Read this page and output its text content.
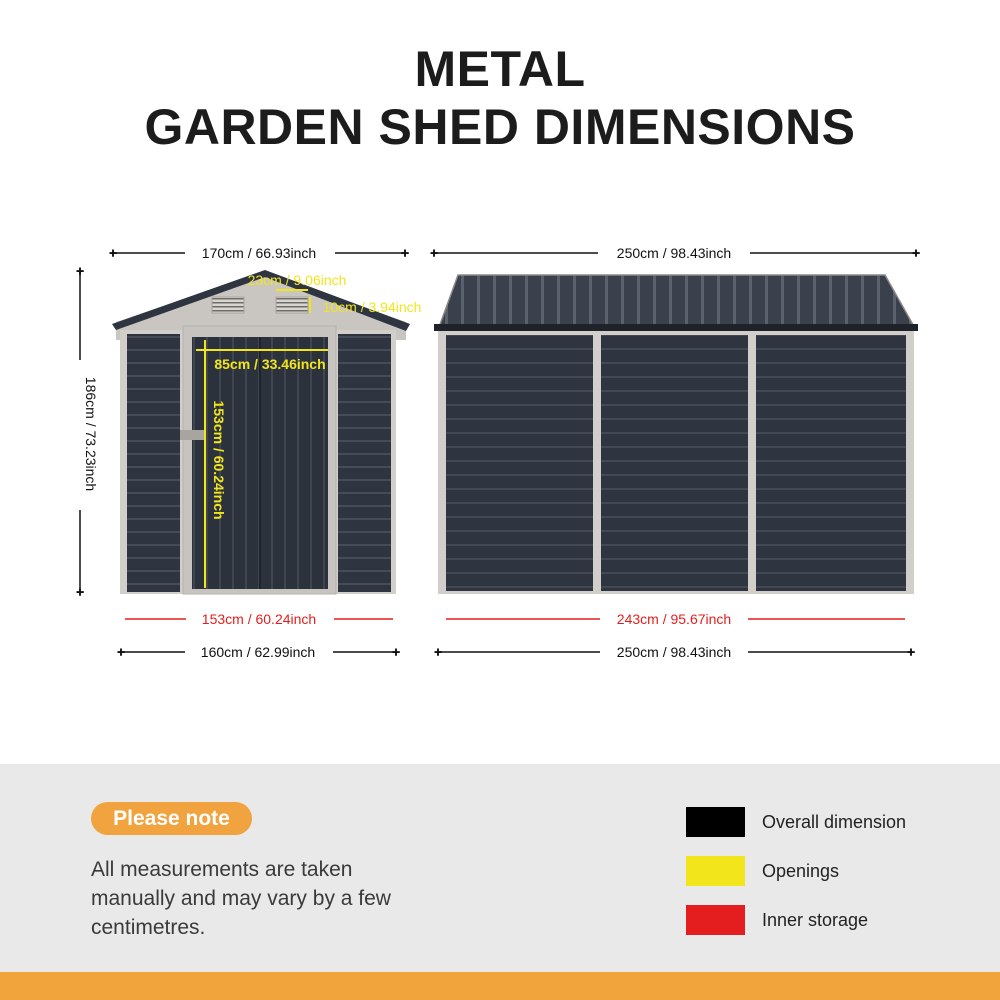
METAL
GARDEN SHED DIMENSIONS
170cm / 66.93inch	250cm / 98.43inch
186cm / 73.23inch
23cm / 9.06inch
10cm / 3.94inch
85cm / 33.46inch
153cm / 60.24inch
153cm / 60.24inch
160cm / 62.99inch
243cm / 95.67inch
250cm / 98.43inch
Please note
All measurements are taken manually and may vary by a few centimetres.
Overall dimension
Openings
Inner storage
